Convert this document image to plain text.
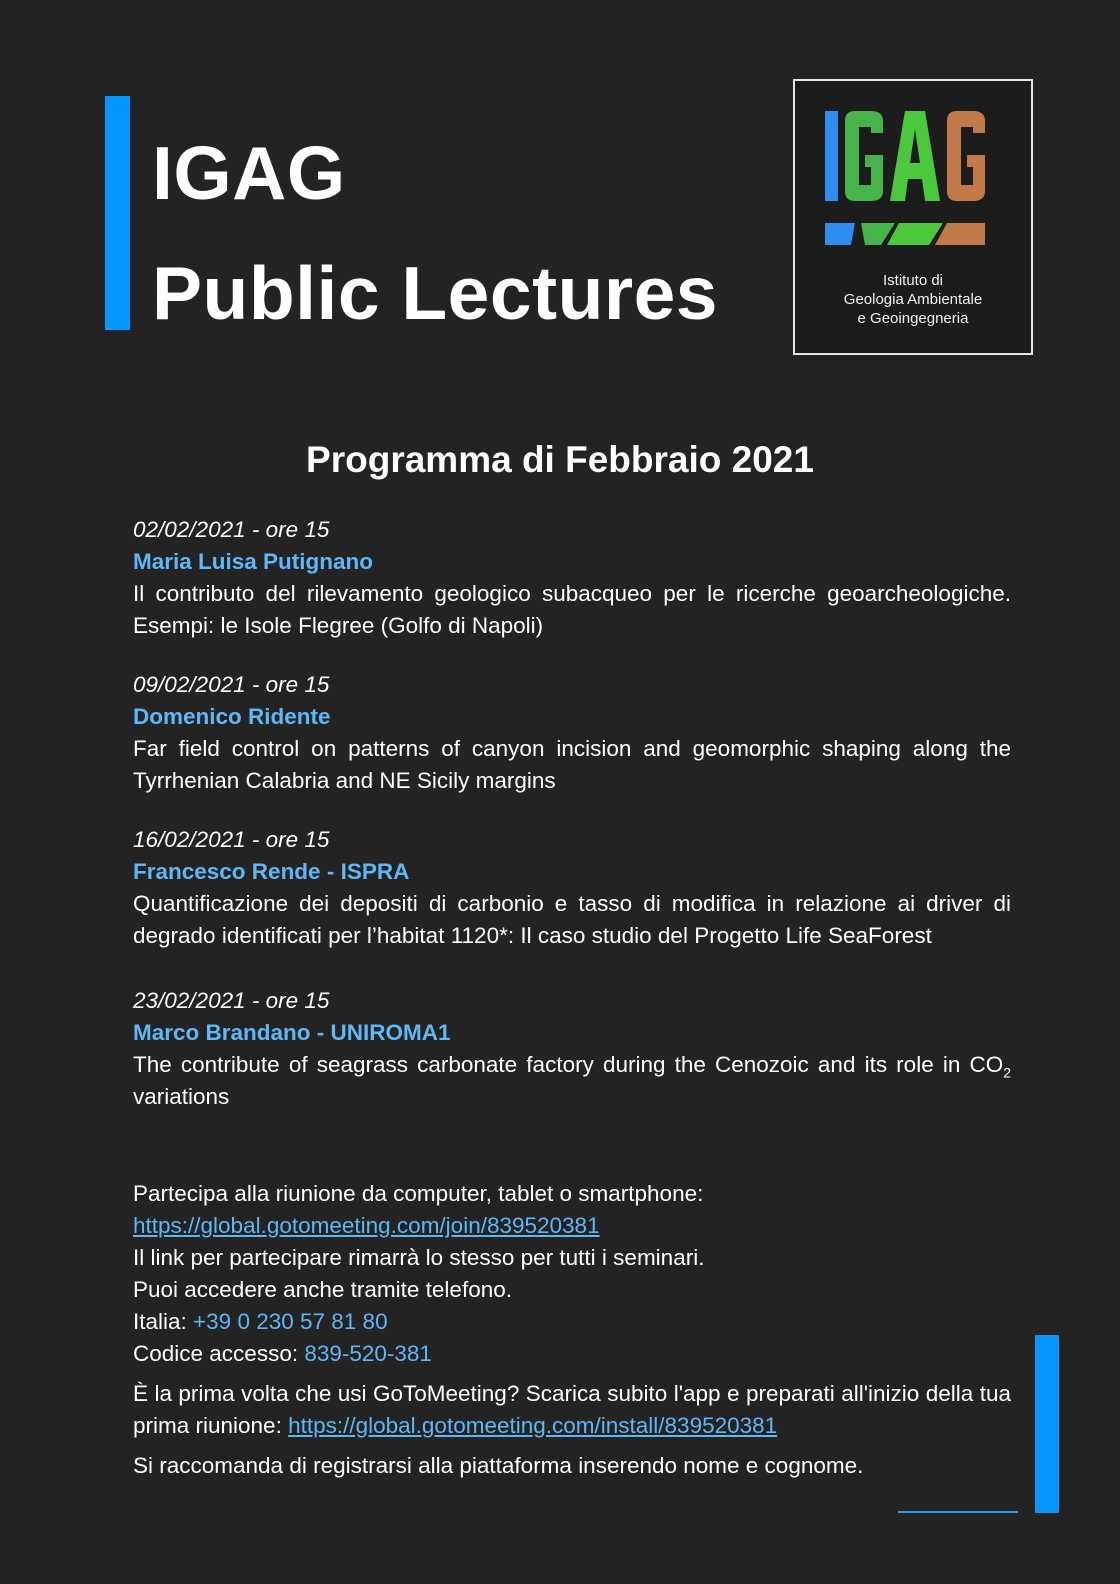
IGAG
Public Lectures	Istituto di
Geologia Ambientale
e Geoingegneria
Programma di Febbraio 2021
02/02/2021 - ore 15
Maria Luisa Putignano
Il contributo del rilevamento geologico subacqueo per le ricerche geoarcheologiche. Esempi: le Isole Flegree (Golfo di Napoli)
09/02/2021 - ore 15
Domenico Ridente
Far field control on patterns of canyon incision and geomorphic shaping along the Tyrrhenian Calabria and NE Sicily margins
16/02/2021 - ore 15
Francesco Rende - ISPRA
Quantificazione dei depositi di carbonio e tasso di modifica in relazione ai driver di degrado identificati per l’habitat 1120*: Il caso studio del Progetto Life SeaForest
23/02/2021 - ore 15
Marco Brandano - UNIROMA1
The contribute of seagrass carbonate factory during the Cenozoic and its role in $CO_2$ variations
Partecipa alla riunione da computer, tablet o smartphone:
https://global.gotomeeting.com/join/839520381
Il link per partecipare rimarrà lo stesso per tutti i seminari.
Puoi accedere anche tramite telefono.
Italia: +39 0 230 57 81 80
Codice accesso: 839-520-381
È la prima volta che usi GoToMeeting? Scarica subito l'app e preparati all'inizio della tua prima riunione: https://global.gotomeeting.com/install/839520381
Si raccomanda di registrarsi alla piattaforma inserendo nome e cognome.
